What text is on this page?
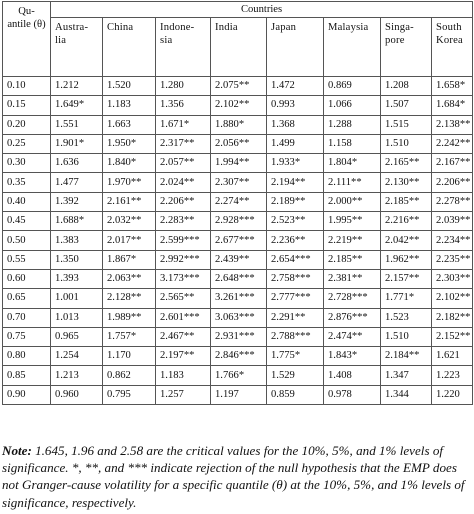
Qu- antile (θ)	Countries							
	Austra- lia	China	Indone- sia	India	Japan	Malaysia	Singa- pore	South Korea
0.10	1.212	1.520	1.280	2.075**	1.472	0.869	1.208	1.658*
0.15	1.649*	1.183	1.356	2.102**	0.993	1.066	1.507	1.684*
0.20	1.551	1.663	1.671*	1.880*	1.368	1.288	1.515	2.138**
0.25	1.901*	1.950*	2.317**	2.056**	1.499	1.158	1.510	2.242**
0.30	1.636	1.840*	2.057**	1.994**	1.933*	1.804*	2.165**	2.167**
0.35	1.477	1.970**	2.024**	2.307**	2.194**	2.111**	2.130**	2.206**
0.40	1.392	2.161**	2.206**	2.274**	2.189**	2.000**	2.185**	2.278**
0.45	1.688*	2.032**	2.283**	2.928***	2.523**	1.995**	2.216**	2.039**
0.50	1.383	2.017**	2.599***	2.677***	2.236**	2.219**	2.042**	2.234**
0.55	1.350	1.867*	2.992***	2.439**	2.654***	2.185**	1.962**	2.235**
0.60	1.393	2.063**	3.173***	2.648***	2.758***	2.381**	2.157**	2.303**
0.65	1.001	2.128**	2.565**	3.261***	2.777***	2.728***	1.771*	2.102**
0.70	1.013	1.989**	2.601***	3.063***	2.291**	2.876***	1.523	2.182**
0.75	0.965	1.757*	2.467**	2.931***	2.788***	2.474**	1.510	2.152**
0.80	1.254	1.170	2.197**	2.846***	1.775*	1.843*	2.184**	1.621
0.85	1.213	0.862	1.183	1.766*	1.529	1.408	1.347	1.223
0.90	0.960	0.795	1.257	1.197	0.859	0.978	1.344	1.220

Note: 1.645, 1.96 and 2.58 are the critical values for the 10%, 5%, and 1% levels of significance. *, **, and *** indicate rejection of the null hypothesis that the EMP does not Granger-cause volatility for a specific quantile (θ) at the 10%, 5%, and 1% levels of significance, respectively.
